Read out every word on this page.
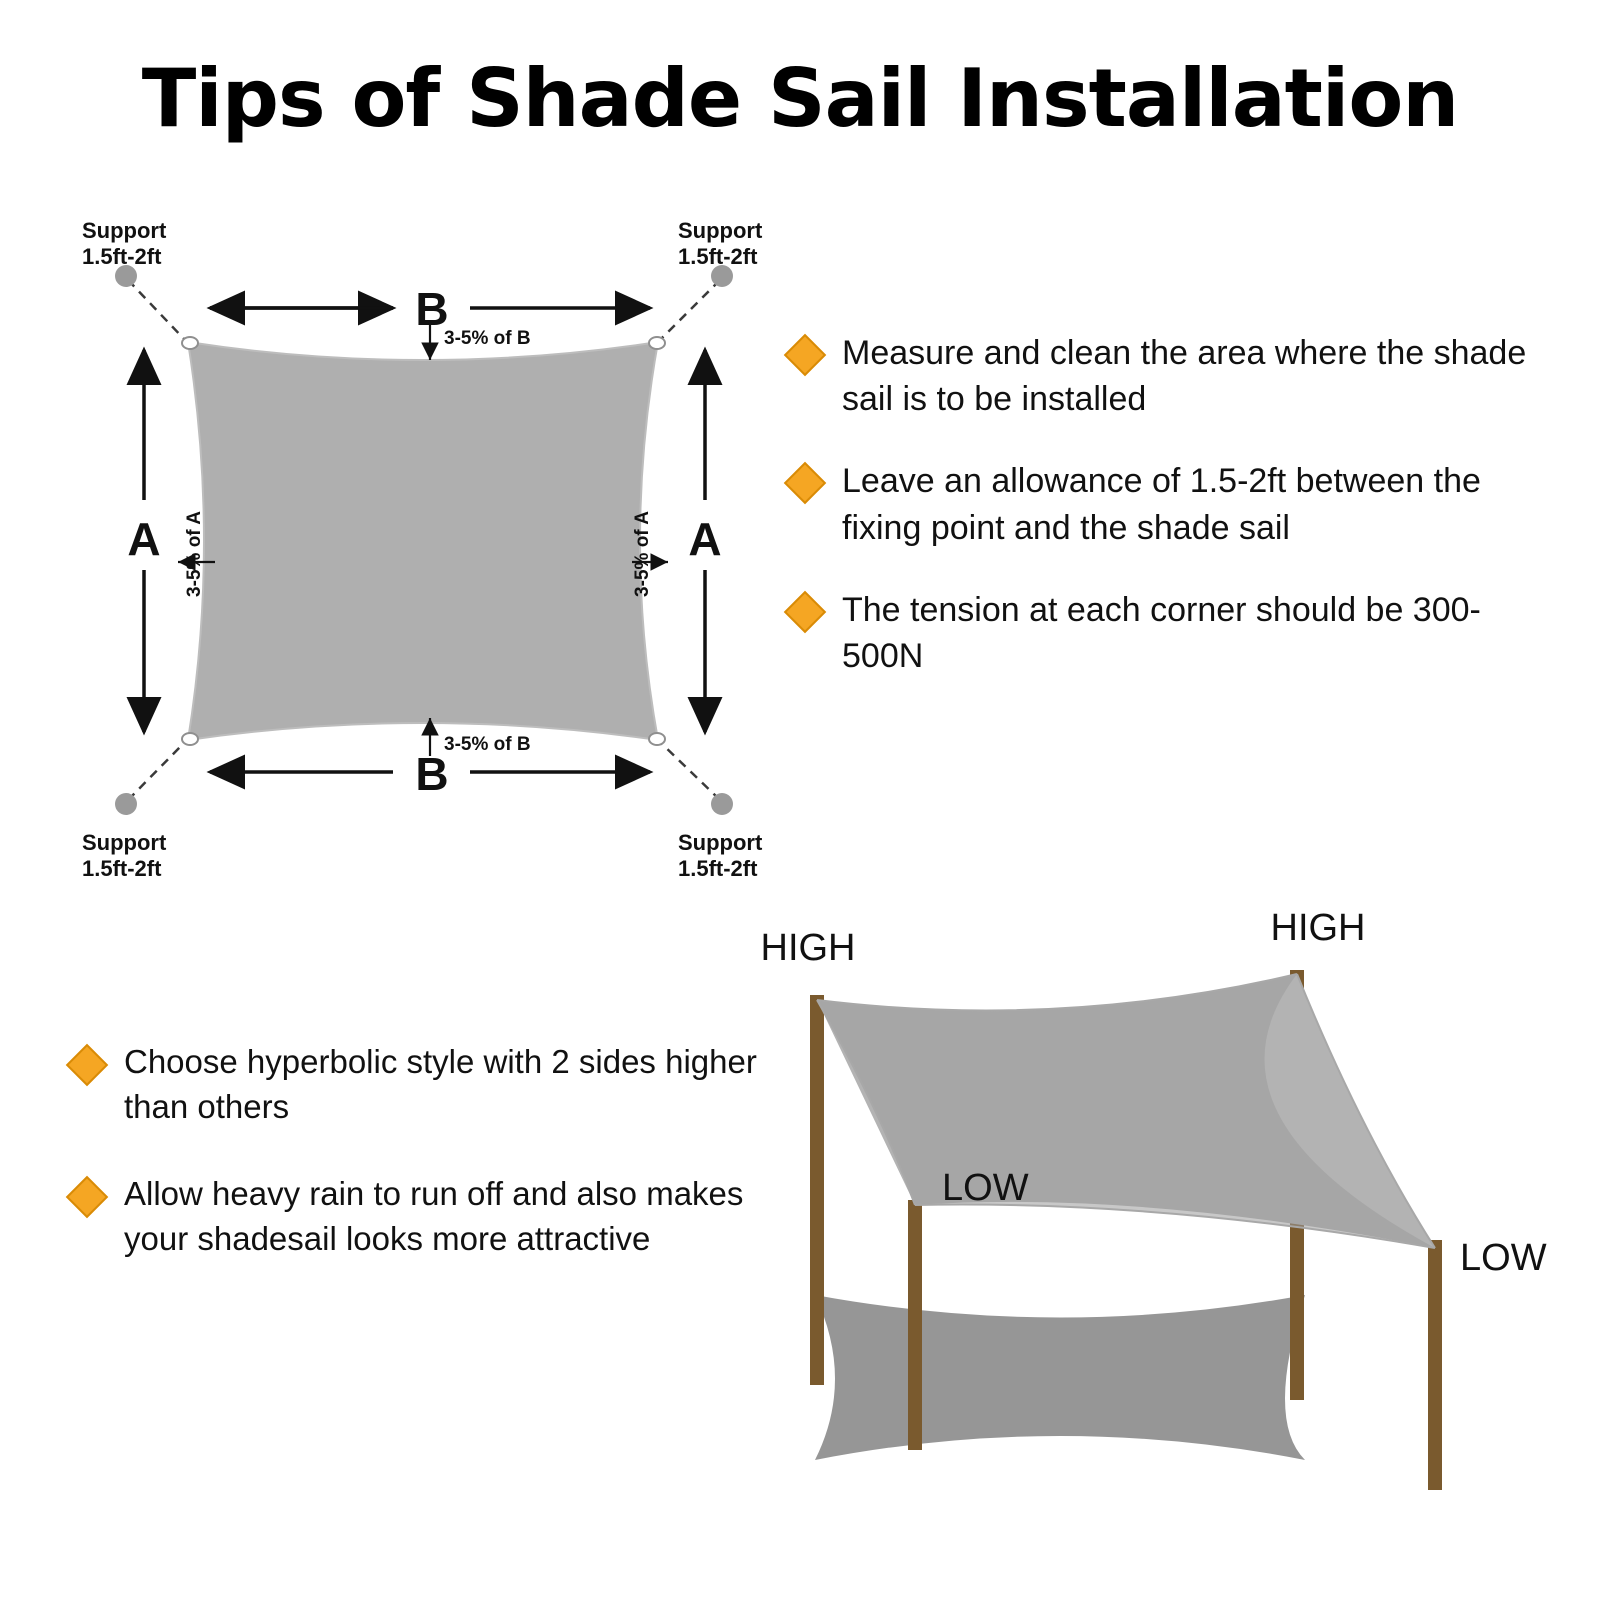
Tips of Shade Sail Installation
Support
1.5ft-2ft
Support
1.5ft-2ft
Support
1.5ft-2ft
Support
1.5ft-2ft
B
B
A	A
3-5% of B
3-5% of B
3-5% of A	3-5% of A
Measure and clean the area where the shade sail is to be installed
Leave an allowance of 1.5-2ft between the fixing point and the shade sail
The tension at each corner should be 300-500N
Choose hyperbolic style with 2 sides higher than others
Allow heavy rain to run off and also makes your shadesail looks more attractive
HIGH	HIGH
LOW
LOW
